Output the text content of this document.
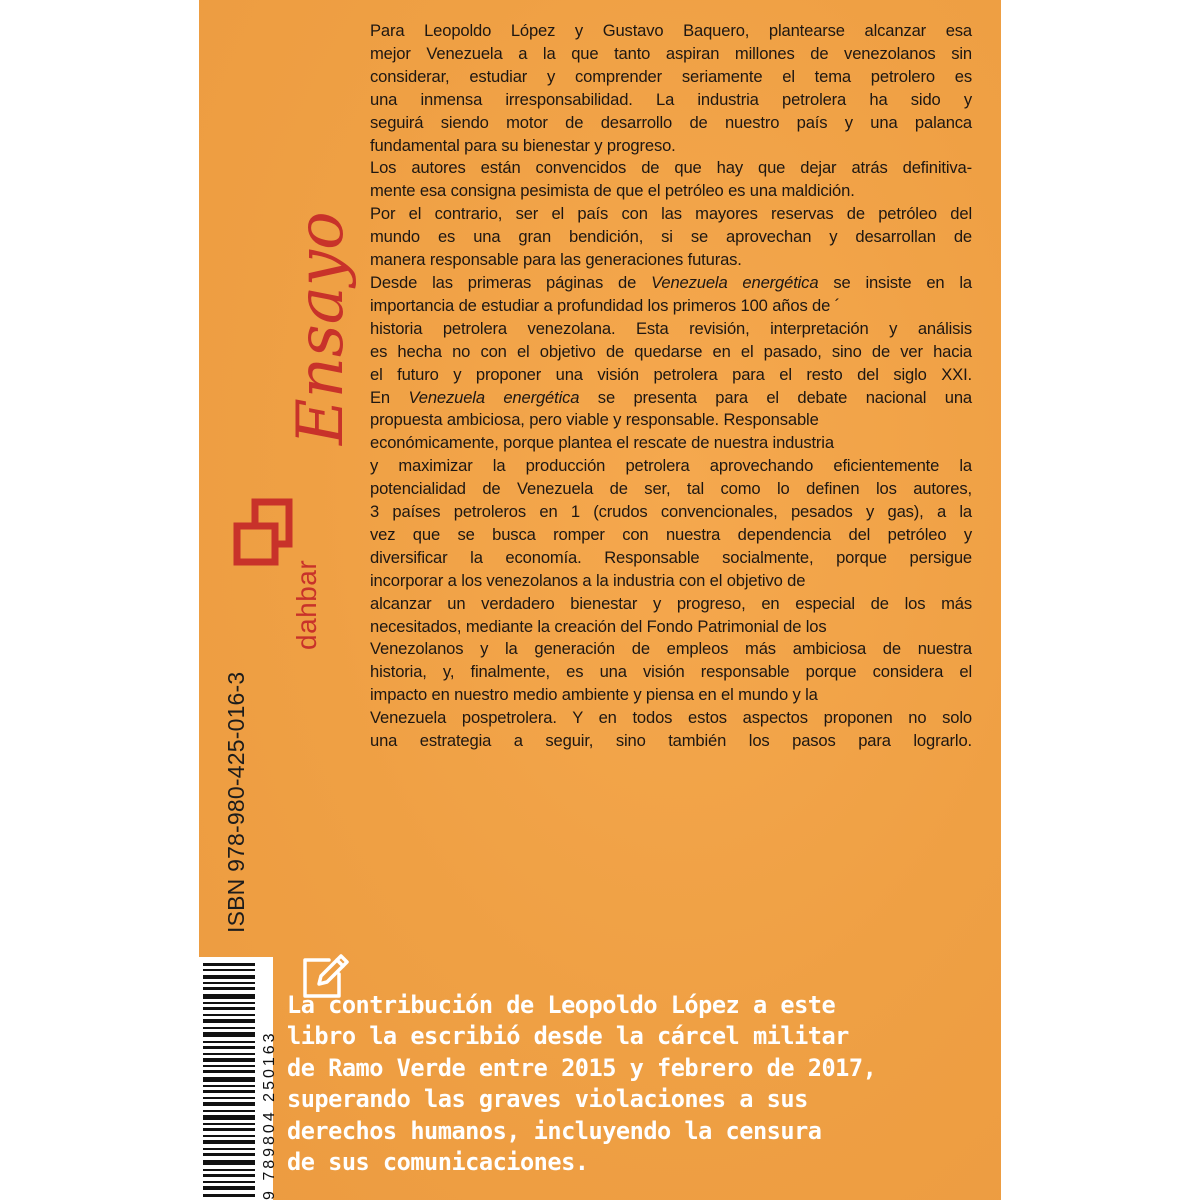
Para Leopoldo López y Gustavo Baquero, plantearse alcanzar esa
mejor Venezuela a la que tanto aspiran millones de venezolanos sin
considerar, estudiar y comprender seriamente el tema petrolero es
una inmensa irresponsabilidad. La industria petrolera ha sido y
seguirá siendo motor de desarrollo de nuestro país y una palanca
fundamental para su bienestar y progreso.
Los autores están convencidos de que hay que dejar atrás definitiva-
mente esa consigna pesimista de que el petróleo es una maldición.
Por el contrario, ser el país con las mayores reservas de petróleo del
mundo es una gran bendición, si se aprovechan y desarrollan de
manera responsable para las generaciones futuras.
Desde las primeras páginas de Venezuela energética se insiste en la
importancia de estudiar a profundidad los primeros 100 años de ´
historia petrolera venezolana. Esta revisión, interpretación y análisis
es hecha no con el objetivo de quedarse en el pasado, sino de ver hacia
el futuro y proponer una visión petrolera para el resto del siglo XXI.
En Venezuela energética se presenta para el debate nacional una
propuesta ambiciosa, pero viable y responsable. Responsable
económicamente, porque plantea el rescate de nuestra industria
y maximizar la producción petrolera aprovechando eficientemente la
potencialidad de Venezuela de ser, tal como lo definen los autores,
3 países petroleros en 1 (crudos convencionales, pesados y gas), a la
vez que se busca romper con nuestra dependencia del petróleo y
diversificar la economía. Responsable socialmente, porque persigue
incorporar a los venezolanos a la industria con el objetivo de
alcanzar un verdadero bienestar y progreso, en especial de los más
necesitados, mediante la creación del Fondo Patrimonial de los
Venezolanos y la generación de empleos más ambiciosa de nuestra
historia, y, finalmente, es una visión responsable porque considera el
impacto en nuestro medio ambiente y piensa en el mundo y la
Venezuela pospetrolera. Y en todos estos aspectos proponen no solo
una estrategia a seguir, sino también los pasos para lograrlo.
Ensayo
dahbar
ISBN 978-980-425-016-3
9 789804 250163
La contribución de Leopoldo López a este
libro la escribió desde la cárcel militar
de Ramo Verde entre 2015 y febrero de 2017,
superando las graves violaciones a sus
derechos humanos, incluyendo la censura
de sus comunicaciones.
